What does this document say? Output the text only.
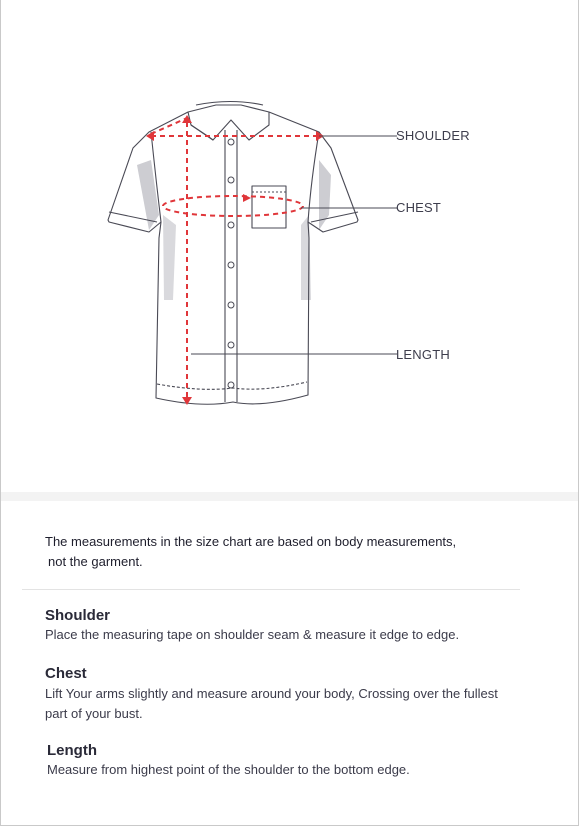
SHOULDER
CHEST
LENGTH
The measurements in the size chart are based on body measurements,
not the garment.
Shoulder
Place the measuring tape on shoulder seam & measure it edge to edge.
Chest
Lift Your arms slightly and measure around your body, Crossing over the fullest
part of your bust.
Length
Measure from highest point of the shoulder to the bottom edge.
